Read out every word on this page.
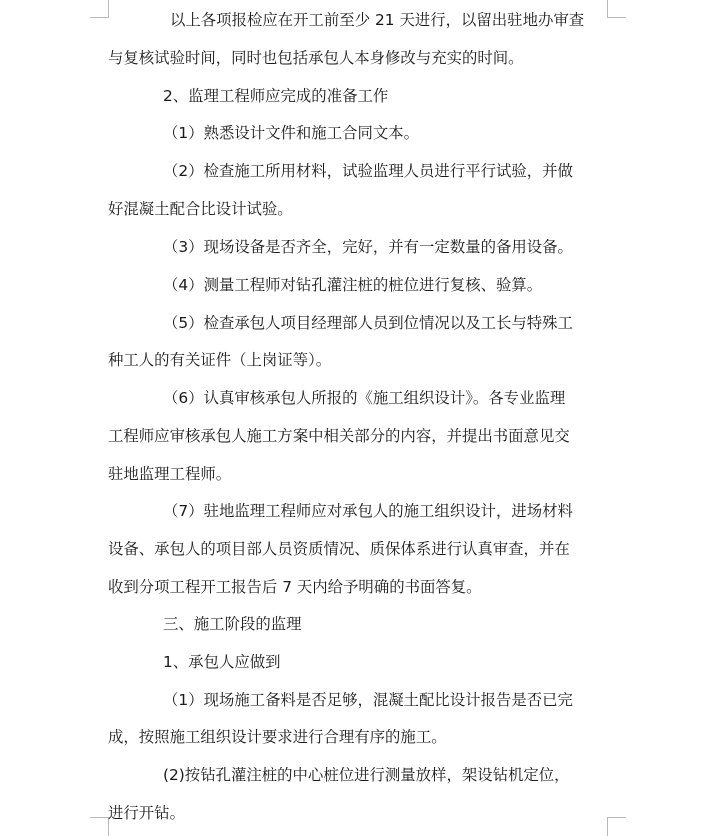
以上各项报检应在开工前至少 21 天进行，以留出驻地办审查
与复核试验时间，同时也包括承包人本身修改与充实的时间。
2、监理工程师应完成的准备工作
（1）熟悉设计文件和施工合同文本。
（2）检查施工所用材料，试验监理人员进行平行试验，并做
好混凝土配合比设计试验。
（3）现场设备是否齐全，完好，并有一定数量的备用设备。
（4）测量工程师对钻孔灌注桩的桩位进行复核、验算。
（5）检查承包人项目经理部人员到位情况以及工长与特殊工
种工人的有关证件（上岗证等）。
（6）认真审核承包人所报的《施工组织设计》。各专业监理
工程师应审核承包人施工方案中相关部分的内容，并提出书面意见交
驻地监理工程师。
（7）驻地监理工程师应对承包人的施工组织设计，进场材料
设备、承包人的项目部人员资质情况、质保体系进行认真审查，并在
收到分项工程开工报告后 7 天内给予明确的书面答复。
三、施工阶段的监理
1、承包人应做到
（1）现场施工备料是否足够，混凝土配比设计报告是否已完
成，按照施工组织设计要求进行合理有序的施工。
(2)按钻孔灌注桩的中心桩位进行测量放样，架设钻机定位，
进行开钻。
